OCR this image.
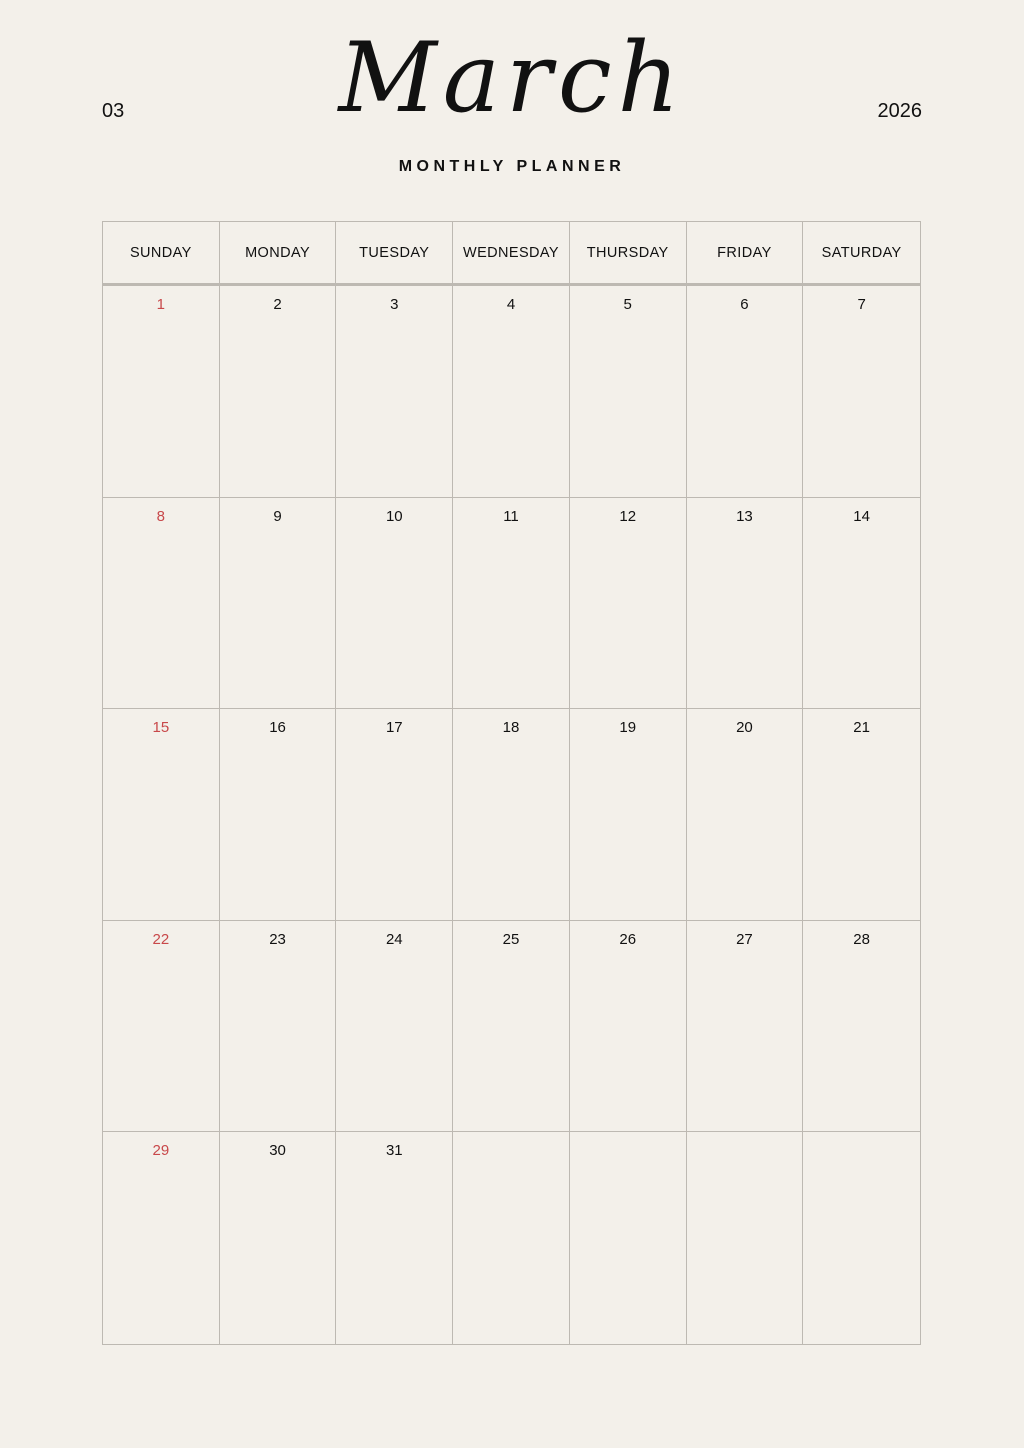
03	March	2026
MONTHLY PLANNER
SUNDAY	MONDAY	TUESDAY	WEDNESDAY	THURSDAY	FRIDAY	SATURDAY
1	2	3	4	5	6	7
8	9	10	11	12	13	14
15	16	17	18	19	20	21
22	23	24	25	26	27	28
29	30	31
